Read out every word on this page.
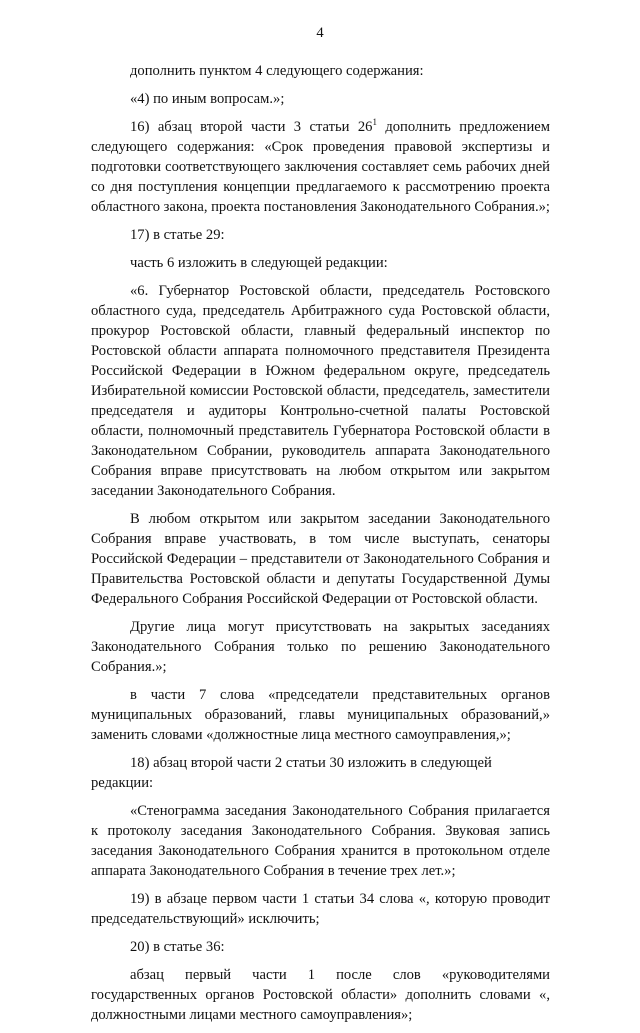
4

дополнить пунктом 4 следующего содержания:

«4) по иным вопросам.»;

16) абзац второй части 3 статьи $26^1$ дополнить предложением следующего содержания: «Срок проведения правовой экспертизы и подготовки соответствующего заключения составляет семь рабочих дней со дня поступления концепции предлагаемого к рассмотрению проекта областного закона, проекта постановления Законодательного Собрания.»;

17) в статье 29:

часть 6 изложить в следующей редакции:

«6. Губернатор Ростовской области, председатель Ростовского областного суда, председатель Арбитражного суда Ростовской области, прокурор Ростовской области, главный федеральный инспектор по Ростовской области аппарата полномочного представителя Президента Российской Федерации в Южном федеральном округе, председатель Избирательной комиссии Ростовской области, председатель, заместители председателя и аудиторы Контрольно-счетной палаты Ростовской области, полномочный представитель Губернатора Ростовской области в Законодательном Собрании, руководитель аппарата Законодательного Собрания вправе присутствовать на любом открытом или закрытом заседании Законодательного Собрания.

В любом открытом или закрытом заседании Законодательного Собрания вправе участвовать, в том числе выступать, сенаторы Российской Федерации – представители от Законодательного Собрания и Правительства Ростовской области и депутаты Государственной Думы Федерального Собрания Российской Федерации от Ростовской области.

Другие лица могут присутствовать на закрытых заседаниях Законодательного Собрания только по решению Законодательного Собрания.»;

в части 7 слова «председатели представительных органов муниципальных образований, главы муниципальных образований,» заменить словами «должностные лица местного самоуправления,»;

18) абзац второй части 2 статьи 30 изложить в следующей редакции:

«Стенограмма заседания Законодательного Собрания прилагается к протоколу заседания Законодательного Собрания. Звуковая запись заседания Законодательного Собрания хранится в протокольном отделе аппарата Законодательного Собрания в течение трех лет.»;

19) в абзаце первом части 1 статьи 34 слова «, которую проводит председательствующий» исключить;

20) в статье 36:

абзац первый части 1 после слов «руководителями государственных органов Ростовской области» дополнить словами «, должностными лицами местного самоуправления»;
